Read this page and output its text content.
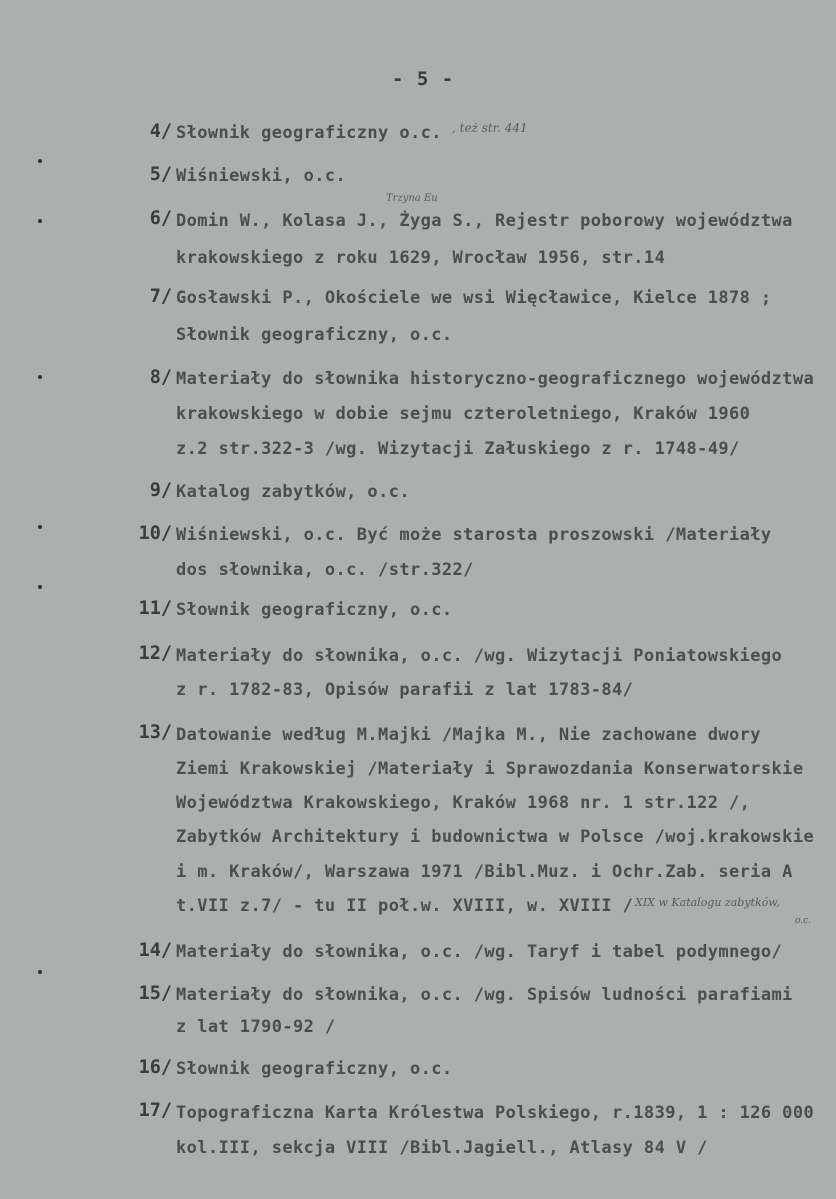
- 5 -
4/ Słownik geograficzny o.c. , też str. 441
5/ Wiśniewski, o.c.
6/
Trzyna Eu
Domin W., Kolasa J., Żyga S., Rejestr poborowy województwa
krakowskiego z roku 1629, Wrocław 1956, str.14
7/ Gosławski P., Okościele we wsi Więcławice, Kielce 1878 ;
Słownik geograficzny, o.c.
8/ Materiały do słownika historyczno-geograficznego województwa
krakowskiego w dobie sejmu czteroletniego, Kraków 1960
z.2 str.322-3 /wg. Wizytacji Załuskiego z r. 1748-49/
9/ Katalog zabytków, o.c.
10/ Wiśniewski, o.c. Być może starosta proszowski /Materiały
dos słownika, o.c. /str.322/
11/ Słownik geograficzny, o.c.
12/ Materiały do słownika, o.c. /wg. Wizytacji Poniatowskiego
z r. 1782-83, Opisów parafii z lat 1783-84/
13/ Datowanie według M.Majki /Majka M., Nie zachowane dwory
Ziemi Krakowskiej /Materiały i Sprawozdania Konserwatorskie
Województwa Krakowskiego, Kraków 1968 nr. 1 str.122 /,
Zabytków Architektury i budownictwa w Polsce /woj.krakowskie
i m. Kraków/, Warszawa 1971 /Bibl.Muz. i Ochr.Zab. seria A
t.VII z.7/ - tu II poł.w. XVIII, w. XVIII / XIX w Katalogu zabytków,
o.c.
14/ Materiały do słownika, o.c. /wg. Taryf i tabel podymnego/
15/ Materiały do słownika, o.c. /wg. Spisów ludności parafiami
z lat 1790-92 /
16/ Słownik geograficzny, o.c.
17/ Topograficzna Karta Królestwa Polskiego, r.1839, 1 : 126 000
kol.III, sekcja VIII /Bibl.Jagiell., Atlasy 84 V /
